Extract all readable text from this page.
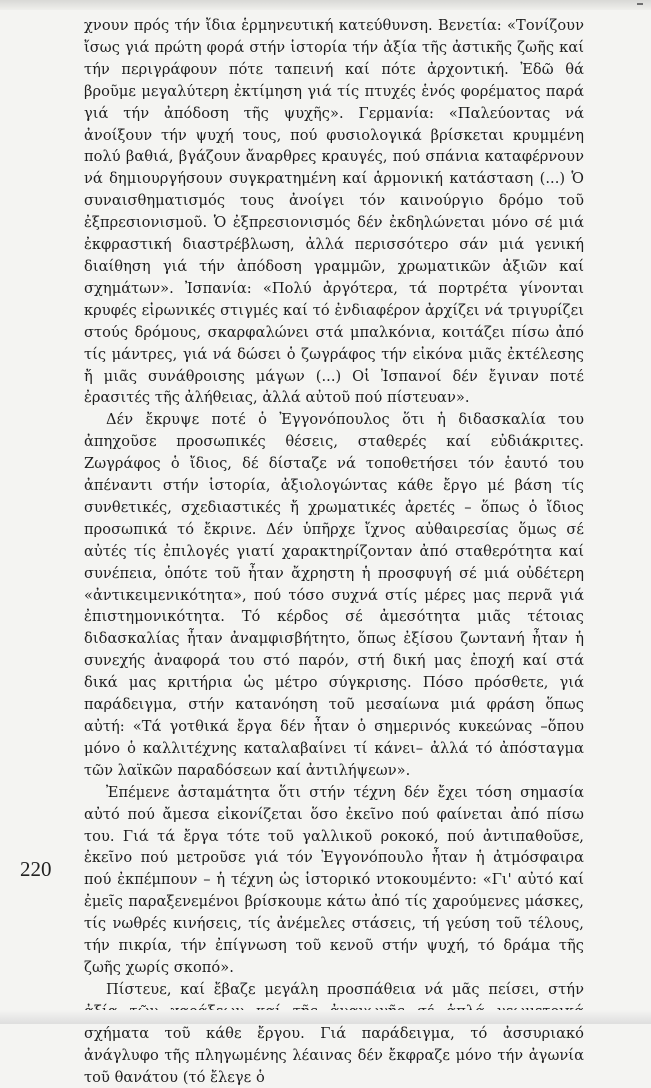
χνουν πρός τήν ἴδια ἑρμηνευτική κατεύθυνση. Βενετία: «Τονίζουν ἴσως γιά πρώτη φορά στήν ἱστορία τήν ἀξία τῆς ἀστικῆς ζωῆς καί τήν περιγράφουν πότε ταπεινή καί πότε ἀρχοντική. Ἐδῶ θά βροῦμε μεγαλύτερη ἐκτίμηση γιά τίς πτυχές ἑνός φορέματος παρά γιά τήν ἀπόδοση τῆς ψυχῆς». Γερμανία: «Παλεύοντας νά ἀνοίξουν τήν ψυχή τους, πού φυσιολογικά βρίσκεται κρυμμένη πολύ βαθιά, βγάζουν ἄναρθρες κραυγές, πού σπάνια καταφέρνουν νά δημιουργήσουν συγκρατημένη καί ἁρμονική κατάσταση (...) Ὁ συναισθηματισμός τους ἀνοίγει τόν καινούργιο δρόμο τοῦ ἐξπρεσιονισμοῦ. Ὁ ἐξπρεσιονισμός δέν ἐκδηλώνεται μόνο σέ μιά ἐκφραστική διαστρέβλωση, ἀλλά περισσότερο σάν μιά γενική διαίθηση γιά τήν ἀπόδοση γραμμῶν, χρωματικῶν ἀξιῶν καί σχημάτων». Ἰσπανία: «Πολύ ἀργότερα, τά πορτρέτα γίνονται κρυφές εἰρωνικές στιγμές καί τό ἐνδιαφέρον ἀρχίζει νά τριγυρίζει στούς δρόμους, σκαρφαλώνει στά μπαλκόνια, κοιτάζει πίσω ἀπό τίς μάντρες, γιά νά δώσει ὁ ζωγράφος τήν εἰκόνα μιᾶς ἐκτέλεσης ἤ μιᾶς συνάθροισης μάγων (...) Οἱ Ἰσπανοί δέν ἔγιναν ποτέ ἐρασιτές τῆς ἀλήθειας, ἀλλά αὐτοῦ πού πίστευαν».

Δέν ἔκρυψε ποτέ ὁ Ἐγγονόπουλος ὅτι ἡ διδασκαλία του ἀπηχοῦσε προσωπικές θέσεις, σταθερές καί εὐδιάκριτες. Ζωγράφος ὁ ἴδιος, δέ δίσταζε νά τοποθετήσει τόν ἑαυτό του ἀπέναντι στήν ἱστορία, ἀξιολογώντας κάθε ἔργο μέ βάση τίς συνθετικές, σχεδιαστικές ἤ χρωματικές ἀρετές – ὅπως ὁ ἴδιος προσωπικά τό ἔκρινε. Δέν ὑπῆρχε ἴχνος αὐθαιρεσίας ὅμως σέ αὐτές τίς ἐπιλογές γιατί χαρακτηρίζονταν ἀπό σταθερότητα καί συνέπεια, ὁπότε τοῦ ἦταν ἄχρηστη ἡ προσφυγή σέ μιά οὐδέτερη «ἀντικειμενικότητα», πού τόσο συχνά στίς μέρες μας περνᾶ γιά ἐπιστημονικότητα. Τό κέρδος σέ ἀμεσότητα μιᾶς τέτοιας διδασκαλίας ἦταν ἀναμφισβήτητο, ὅπως ἐξίσου ζωντανή ἦταν ἡ συνεχής ἀναφορά του στό παρόν, στή δική μας ἐποχή καί στά δικά μας κριτήρια ὡς μέτρο σύγκρισης. Πόσο πρόσθετε, γιά παράδειγμα, στήν κατανόηση τοῦ μεσαίωνα μιά φράση ὅπως αὐτή: «Τά γοτθικά ἔργα δέν ἦταν ὁ σημερινός κυκεώνας –ὅπου μόνο ὁ καλλιτέχνης καταλαβαίνει τί κάνει– ἀλλά τό ἀπόσταγμα τῶν λαϊκῶν παραδόσεων καί ἀντιλήψεων».

Ἐπέμενε ἀσταμάτητα ὅτι στήν τέχνη δέν ἔχει τόση σημασία αὐτό πού ἄμεσα εἰκονίζεται ὅσο ἐκεῖνο πού φαίνεται ἀπό πίσω του. Γιά τά ἔργα τότε τοῦ γαλλικοῦ ροκοκό, πού ἀντιπαθοῦσε, ἐκεῖνο πού μετροῦσε γιά τόν Ἐγγονόπουλο ἦταν ἡ ἀτμόσφαιρα πού ἐκπέμπουν – ἡ τέχνη ὡς ἱστορικό ντοκουμέντο: «Γι' αὐτό καί ἐμεῖς παραξενεμένοι βρίσκουμε κάτω ἀπό τίς χαρούμενες μάσκες, τίς νωθρές κινήσεις, τίς ἀνέμελες στάσεις, τή γεύση τοῦ τέλους, τήν πικρία, τήν ἐπίγνωση τοῦ κενοῦ στήν ψυχή, τό δράμα τῆς ζωῆς χωρίς σκοπό».

Πίστευε, καί ἔβαζε μεγάλη προσπάθεια νά μᾶς πείσει, στήν σχήματα τοῦ κάθε ἔργου. Γιά παράδειγμα, τό ἀσσυριακό ἀνάγλυφο τῆς πληγωμένης λέαινας δέν ἔκφραζε μόνο τήν ἀγωνία τοῦ θανάτου (τό ἔλεγε ὁ

220
